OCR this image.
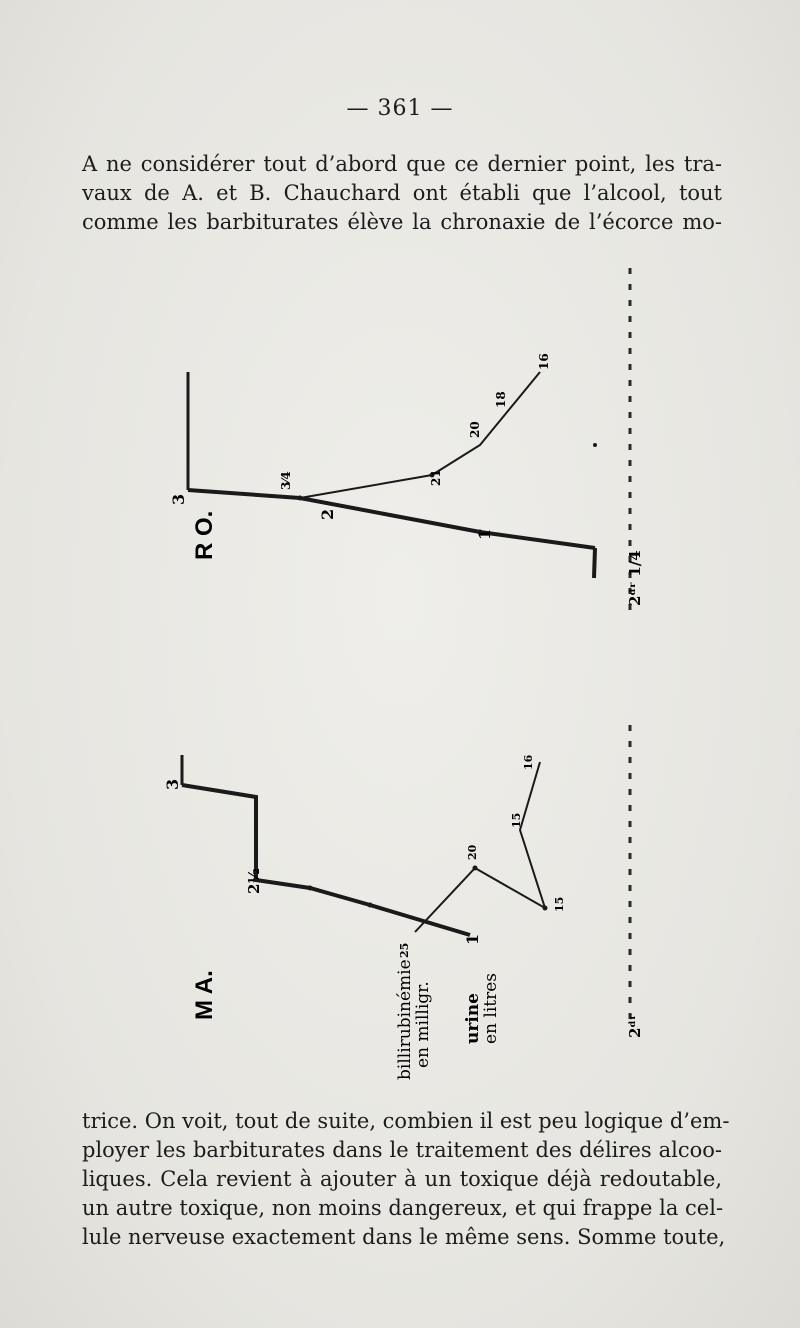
— 361 —
A ne considérer tout d’abord que ce dernier point, les tra-
vaux de A. et B. Chauchard ont établi que l’alcool, tout
comme les barbiturates élève la chronaxie de l’écorce mo-
R O.
3
2
1
3⁄4	21
20
18
16
2ᵈʳ 1/4
M A.
3
2½
1
25
15
20
15
16
2ᵈʳ
billirubinémie
en milligr. urine
en litres
trice. On voit, tout de suite, combien il est peu logique d’em-
ployer les barbiturates dans le traitement des délires alcoo-
liques. Cela revient à ajouter à un toxique déjà redoutable,
un autre toxique, non moins dangereux, et qui frappe la cel-
lule nerveuse exactement dans le même sens. Somme toute,
